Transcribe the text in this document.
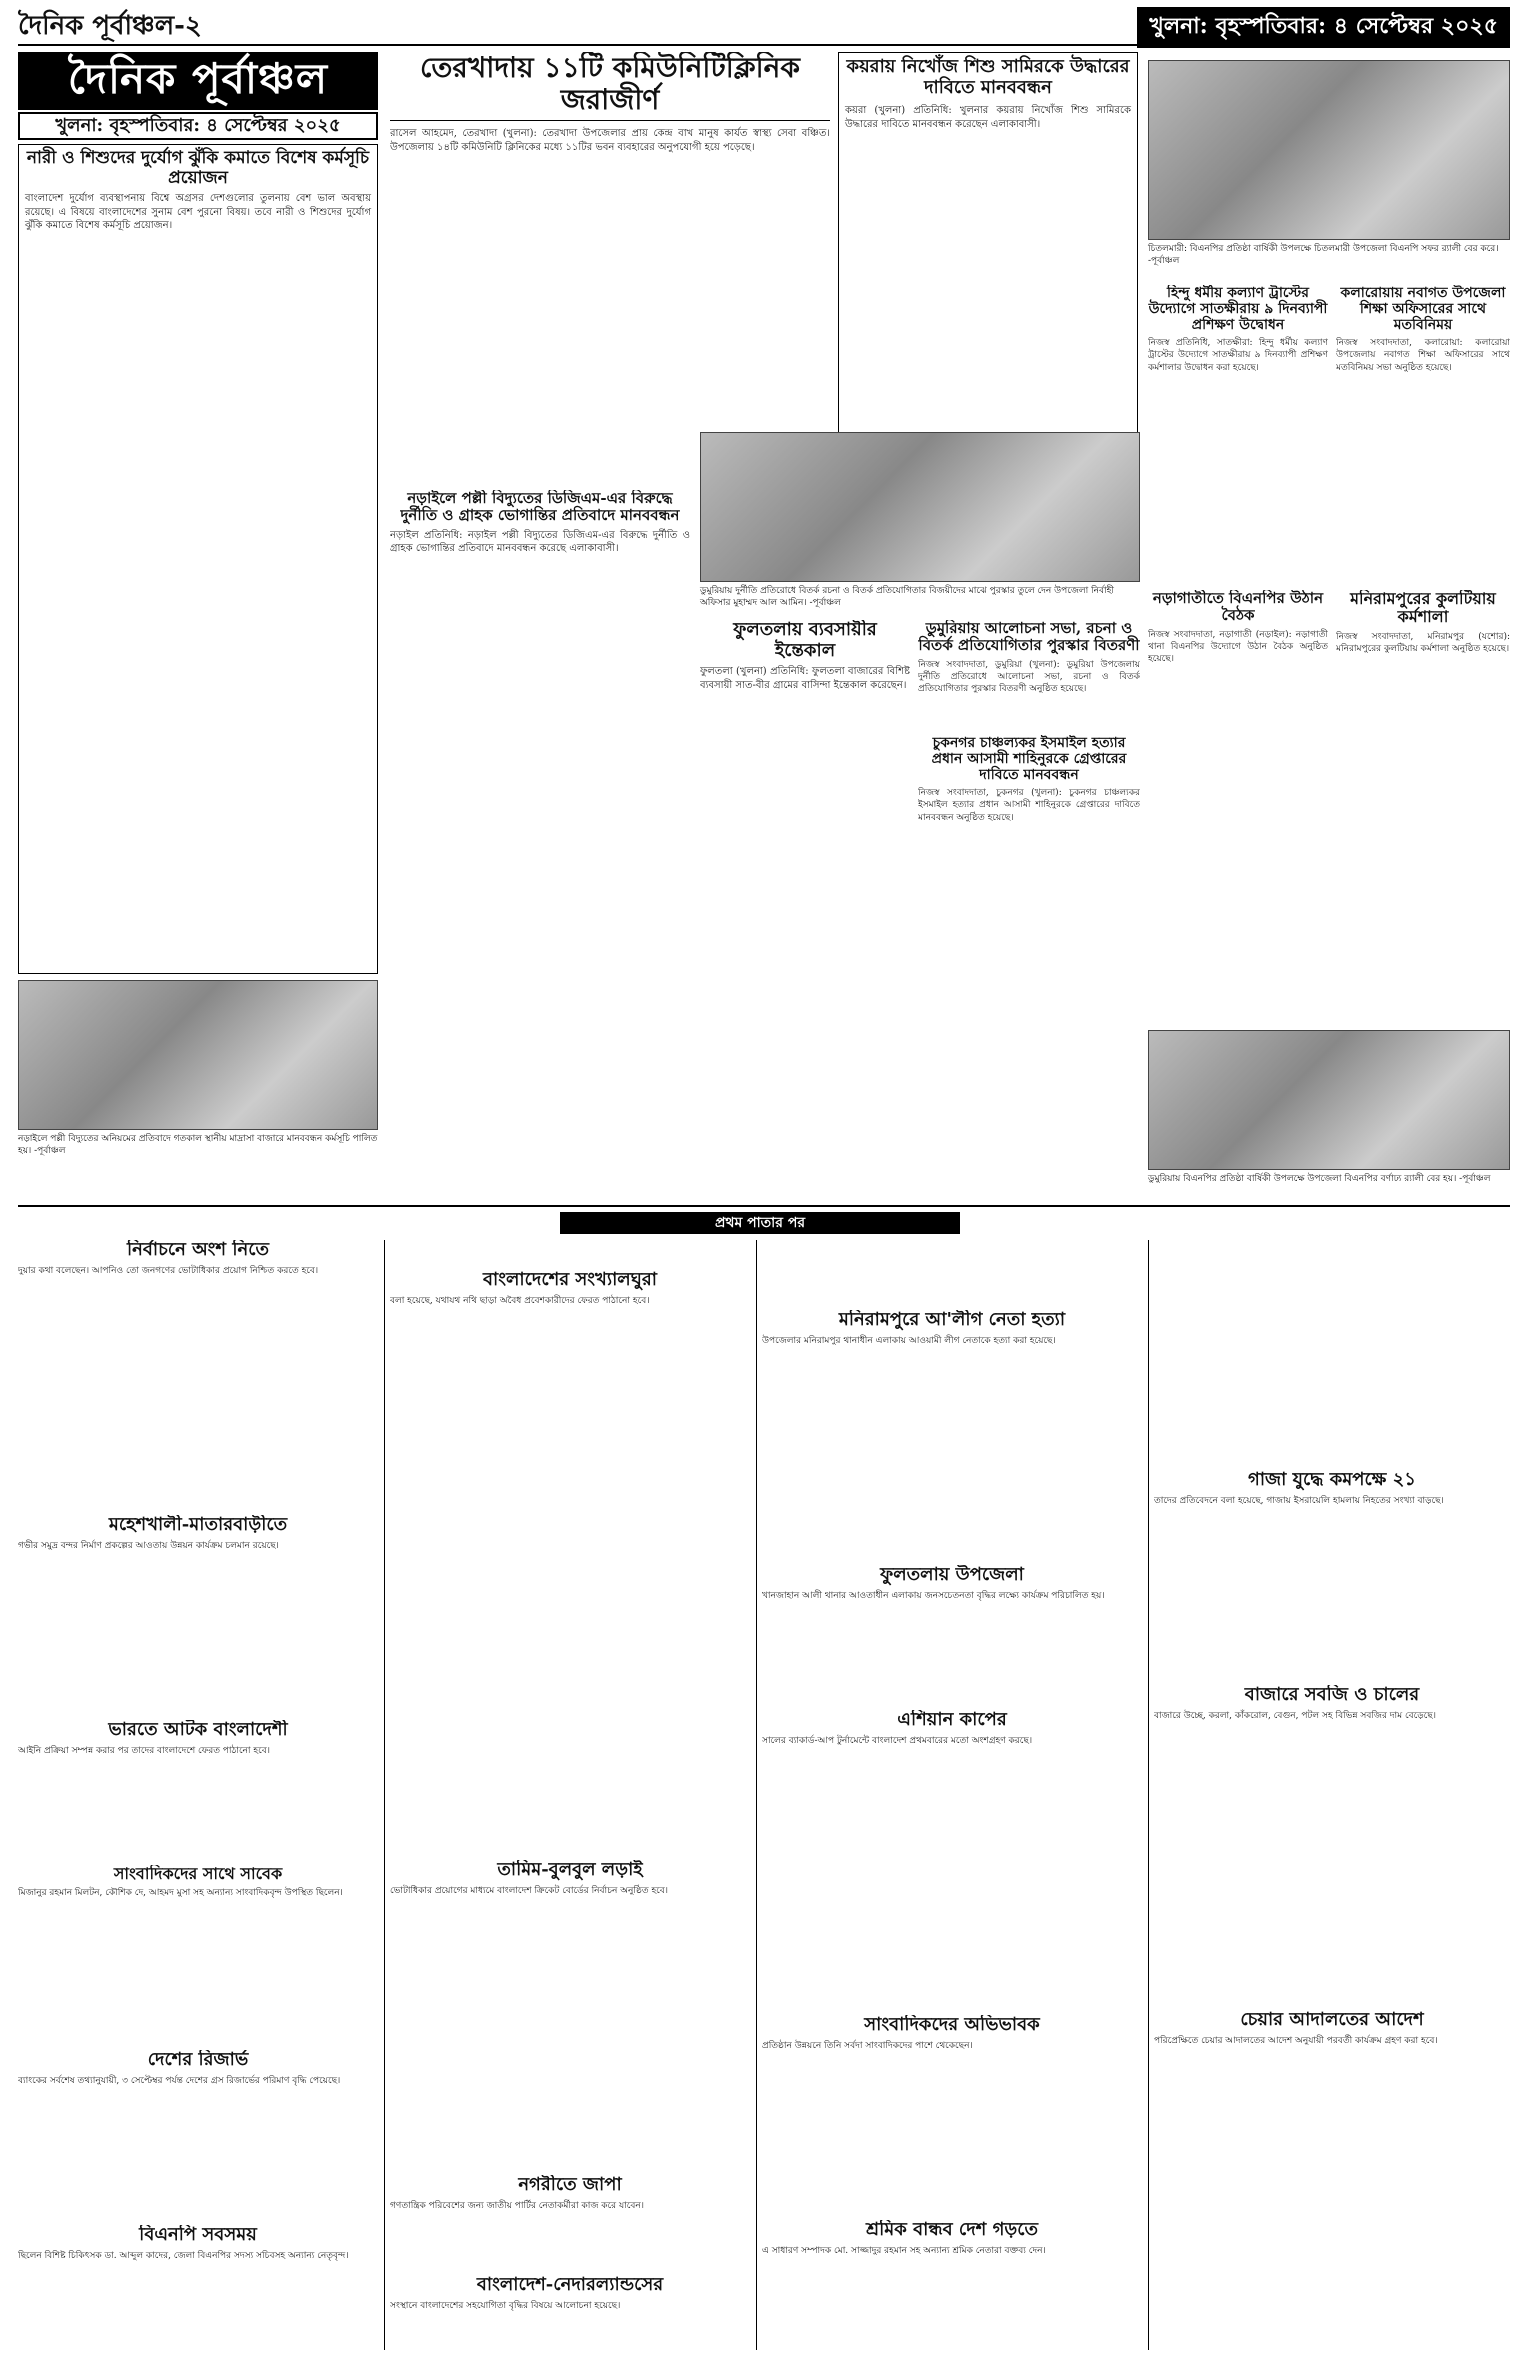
দৈনিক পূর্বাঞ্চল-২	খুলনা: বৃহস্পতিবার: ৪ সেপ্টেম্বর ২০২৫
দৈনিক পূর্বাঞ্চল
খুলনা: বৃহস্পতিবার: ৪ সেপ্টেম্বর ২০২৫
নারী ও শিশুদের দুর্যোগ ঝুঁকি কমাতে বিশেষ কর্মসূচি প্রয়োজন
বাংলাদেশ দুর্যোগ ব্যবস্থাপনায় বিশ্বে অগ্রসর দেশগুলোর তুলনায় বেশ ভাল অবস্থায় রয়েছে। এ বিষয়ে বাংলাদেশের সুনাম বেশ পুরনো বিষয়। তবে নারী ও শিশুদের দুর্যোগ ঝুঁকি কমাতে বিশেষ কর্মসূচি প্রয়োজন।
নড়াইলে পল্লী বিদ্যুতের অনিয়মের প্রতিবাদে গতকাল স্থানীয় মাদ্রাসা বাজারে মানববন্ধন কর্মসূচি পালিত হয়। -পূর্বাঞ্চল
তেরখাদায় ১১টি কমিউনিটিক্লিনিক জরাজীর্ণ
রাসেল আহমেদ, তেরখাদা (খুলনা): তেরখাদা উপজেলার প্রায় কেন্দ্র বাখ মানুষ কার্যত স্বাস্থ্য সেবা বঞ্চিত। উপজেলায় ১৪টি কমিউনিটি ক্লিনিকের মধ্যে ১১টির ভবন ব্যবহারের অনুপযোগী হয়ে পড়েছে।
কয়রায় নিখোঁজ শিশু সামিরকে উদ্ধারের দাবিতে মানববন্ধন
কয়রা (খুলনা) প্রতিনিধি: খুলনার কয়রায় নিখোঁজ শিশু সামিরকে উদ্ধারের দাবিতে মানববন্ধন করেছেন এলাকাবাসী।
চিতলমারী: বিএনপির প্রতিষ্ঠা বার্ষিকী উপলক্ষে চিতলমারী উপজেলা বিএনপি সফর র‍্যালী বের করে। -পূর্বাঞ্চল
হিন্দু ধর্মীয় কল্যাণ ট্রাস্টের উদ্যোগে সাতক্ষীরায় ৯ দিনব্যাপী প্রশিক্ষণ উদ্বোধন
নিজস্ব প্রতিনিধি, সাতক্ষীরা: হিন্দু ধর্মীয় কল্যাণ ট্রাস্টের উদ্যোগে সাতক্ষীরায় ৯ দিনব্যাপী প্রশিক্ষণ কর্মশালার উদ্বোধন করা হয়েছে।
কলারোয়ায় নবাগত উপজেলা শিক্ষা অফিসারের সাথে মতবিনিময়
নিজস্ব সংবাদদাতা, কলারোয়া: কলারোয়া উপজেলায় নবাগত শিক্ষা অফিসারের সাথে মতবিনিময় সভা অনুষ্ঠিত হয়েছে।
নড়াইলে পল্লী বিদ্যুতের ডিজিএম-এর বিরুদ্ধে দুর্নীতি ও গ্রাহক ভোগান্তির প্রতিবাদে মানববন্ধন
নড়াইল প্রতিনিধি: নড়াইল পল্লী বিদ্যুতের ডিজিএম-এর বিরুদ্ধে দুর্নীতি ও গ্রাহক ভোগান্তির প্রতিবাদে মানববন্ধন করেছে এলাকাবাসী।
ডুমুরিয়ায় দুর্নীতি প্রতিরোধে বিতর্ক রচনা ও বিতর্ক প্রতিযোগিতার বিজয়ীদের মাঝে পুরস্কার তুলে দেন উপজেলা নির্বাহী অফিসার মুহাম্মদ আল আমিন। -পূর্বাঞ্চল
ফুলতলায় ব্যবসায়ীর ইন্তেকাল
ফুলতলা (খুলনা) প্রতিনিধি: ফুলতলা বাজারের বিশিষ্ট ব্যবসায়ী সাত-বীর গ্রামের বাসিন্দা ইন্তেকাল করেছেন।
ডুমুরিয়ায় আলোচনা সভা, রচনা ও বিতর্ক প্রতিযোগিতার পুরস্কার বিতরণী
নিজস্ব সংবাদদাতা, ডুমুরিয়া (খুলনা): ডুমুরিয়া উপজেলায় দুর্নীতি প্রতিরোধে আলোচনা সভা, রচনা ও বিতর্ক প্রতিযোগিতার পুরস্কার বিতরণী অনুষ্ঠিত হয়েছে।
চুকনগর চাঞ্চল্যকর ইসমাইল হত্যার প্রধান আসামী শাহিনুরকে গ্রেপ্তারের দাবিতে মানববন্ধন
নিজস্ব সংবাদদাতা, চুকনগর (খুলনা): চুকনগর চাঞ্চল্যকর ইসমাইল হত্যার প্রধান আসামী শাহিনুরকে গ্রেপ্তারের দাবিতে মানববন্ধন অনুষ্ঠিত হয়েছে।
নড়াগাতীতে বিএনপির উঠান বৈঠক
নিজস্ব সংবাদদাতা, নড়াগাতী (নড়াইল): নড়াগাতী থানা বিএনপির উদ্যোগে উঠান বৈঠক অনুষ্ঠিত হয়েছে।
মনিরামপুরের কুলটিয়ায় কর্মশালা
নিজস্ব সংবাদদাতা, মনিরামপুর (যশোর): মনিরামপুরের কুলটিয়ায় কর্মশালা অনুষ্ঠিত হয়েছে।
ডুমুরিয়ায় বিএনপির প্রতিষ্ঠা বার্ষিকী উপলক্ষে উপজেলা বিএনপির বর্ণাঢ্য র‍্যালী বের হয়। -পূর্বাঞ্চল
প্রথম পাতার পর
নির্বাচনে অংশ নিতে
দুয়ার কথা বলেছেন। আপনিও তো জনগণের ভোটাধিকার প্রয়োগ নিশ্চিত করতে হবে।
মহেশখালী-মাতারবাড়ীতে
গভীর সমুদ্র বন্দর নির্মাণ প্রকল্পের আওতায় উন্নয়ন কার্যক্রম চলমান রয়েছে।
ভারতে আটক বাংলাদেশী
আইনি প্রক্রিয়া সম্পন্ন করার পর তাদের বাংলাদেশে ফেরত পাঠানো হবে।
সাংবাদিকদের সাথে সাবেক
মিজানুর রহমান মিলটন, কৌশিক দে, আহমদ মুসা সহ অন্যান্য সাংবাদিকবৃন্দ উপস্থিত ছিলেন।
দেশের রিজার্ভ
ব্যাংকের সর্বশেষ তথ্যানুযায়ী, ৩ সেপ্টেম্বর পর্যন্ত দেশের গ্রস রিজার্ভের পরিমাণ বৃদ্ধি পেয়েছে।
বিএনপি সবসময়
ছিলেন বিশিষ্ট চিকিৎসক ডা. আব্দুল কাদের, জেলা বিএনপির সদস্য সচিবসহ অন্যান্য নেতৃবৃন্দ।
বাংলাদেশের সংখ্যালঘুরা
বলা হয়েছে, যথাযথ নথি ছাড়া অবৈধ প্রবেশকারীদের ফেরত পাঠানো হবে।
তামিম-বুলবুল লড়াই
ভোটাধিকার প্রয়োগের মাধ্যমে বাংলাদেশ ক্রিকেট বোর্ডের নির্বাচন অনুষ্ঠিত হবে।
নগরীতে জাপা
গণতান্ত্রিক পরিবেশের জন্য জাতীয় পার্টির নেতাকর্মীরা কাজ করে যাবেন।
বাংলাদেশ-নেদারল্যান্ডসের
সংস্থানে বাংলাদেশের সহযোগিতা বৃদ্ধির বিষয়ে আলোচনা হয়েছে।
মনিরামপুরে আ'লীগ নেতা হত্যা
উপজেলার মনিরামপুর থানাধীন এলাকায় আওয়ামী লীগ নেতাকে হত্যা করা হয়েছে।
ফুলতলায় উপজেলা
খানজাহান আলী থানার আওতাধীন এলাকায় জনসচেতনতা বৃদ্ধির লক্ষ্যে কার্যক্রম পরিচালিত হয়।
এশিয়ান কাপের
সালের ব্যাকার্ড-আপ টুর্নামেন্টে বাংলাদেশ প্রথমবারের মতো অংশগ্রহণ করছে।
সাংবাদিকদের অভিভাবক
প্রতিষ্ঠান উন্নয়নে তিনি সর্বদা সাংবাদিকদের পাশে থেকেছেন।
শ্রমিক বান্ধব দেশ গড়তে
এ সাধারণ সম্পাদক মো. সাজ্জাদুর রহমান সহ অন্যান্য শ্রমিক নেতারা বক্তব্য দেন।
গাজা যুদ্ধে কমপক্ষে ২১
তাদের প্রতিবেদনে বলা হয়েছে, গাজায় ইসরায়েলি হামলায় নিহতের সংখ্যা বাড়ছে।
বাজারে সবজি ও চালের
বাজারে উচ্ছে, করলা, কাঁকরোল, বেগুন, পটল সহ বিভিন্ন সবজির দাম বেড়েছে।
চেয়ার আদালতের আদেশ
পরিপ্রেক্ষিতে চেয়ার আদালতের আদেশ অনুযায়ী পরবর্তী কার্যক্রম গ্রহণ করা হবে।
